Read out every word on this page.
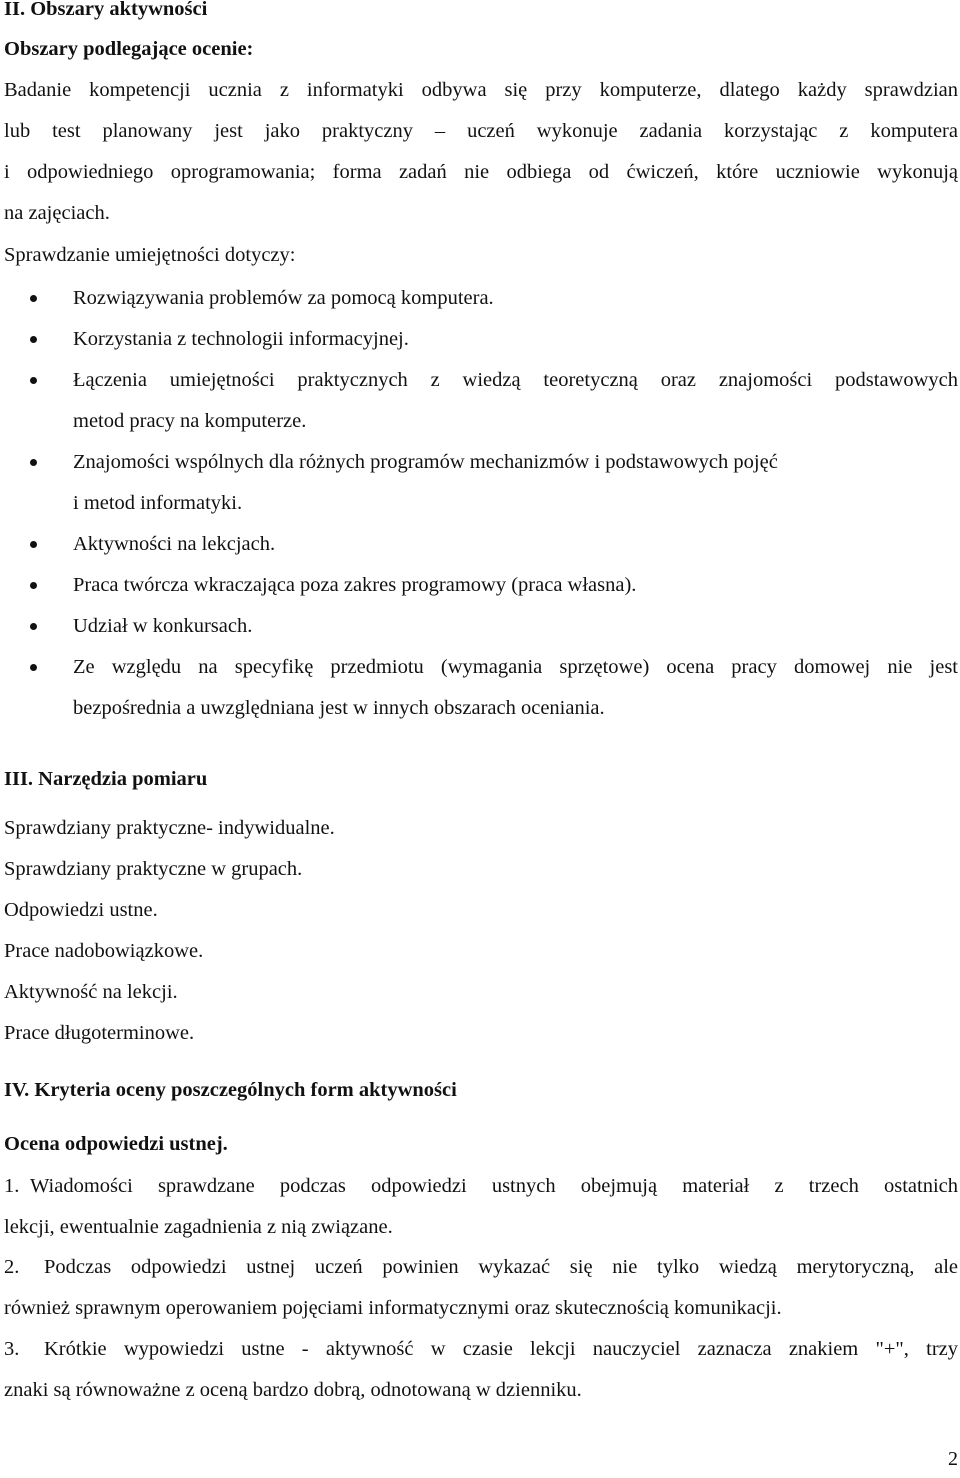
II. Obszary aktywności
Obszary podlegające ocenie:
Badanie kompetencji ucznia z informatyki odbywa się przy komputerze, dlatego każdy sprawdzian
lub test planowany jest jako praktyczny – uczeń wykonuje zadania korzystając z komputera
i odpowiedniego oprogramowania; forma zadań nie odbiega od ćwiczeń, które uczniowie wykonują
na zajęciach.
Sprawdzanie umiejętności dotyczy:
Rozwiązywania problemów za pomocą komputera.
Korzystania z technologii informacyjnej.
Łączenia umiejętności praktycznych z wiedzą teoretyczną oraz znajomości podstawowych
metod pracy na komputerze.
Znajomości wspólnych dla różnych programów mechanizmów i podstawowych pojęć
i metod informatyki.
Aktywności na lekcjach.
Praca twórcza wkraczająca poza zakres programowy (praca własna).
Udział w konkursach.
Ze względu na specyfikę przedmiotu (wymagania sprzętowe) ocena pracy domowej nie jest
bezpośrednia a uwzględniana jest w innych obszarach oceniania.
III. Narzędzia pomiaru
Sprawdziany praktyczne- indywidualne.
Sprawdziany praktyczne w grupach.
Odpowiedzi ustne.
Prace nadobowiązkowe.
Aktywność na lekcji.
Prace długoterminowe.
IV. Kryteria oceny poszczególnych form aktywności
Ocena odpowiedzi ustnej.
1. Wiadomości sprawdzane podczas odpowiedzi ustnych obejmują materiał z trzech ostatnich
lekcji, ewentualnie zagadnienia z nią związane.
2.	Podczas odpowiedzi ustnej uczeń powinien wykazać się nie tylko wiedzą merytoryczną, ale
również sprawnym operowaniem pojęciami informatycznymi oraz skutecznością komunikacji.
3.	Krótkie wypowiedzi ustne - aktywność w czasie lekcji nauczyciel zaznacza znakiem "+", trzy
znaki są równoważne z oceną bardzo dobrą, odnotowaną w dzienniku.
2
